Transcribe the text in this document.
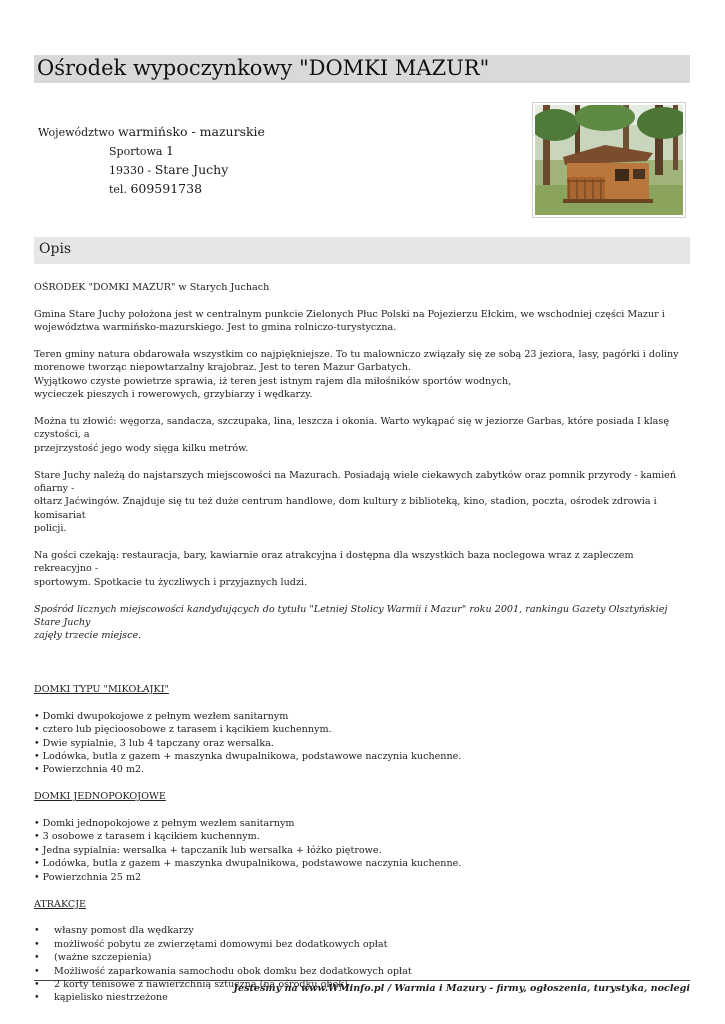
Ośrodek wypoczynkowy "DOMKI MAZUR"
Województwo warmińsko - mazurskie
Sportowa 1
19330 - Stare Juchy
tel. 609591738
Opis

OŚRODEK "DOMKI MAZUR" w Starych Juchach

Gmina Stare Juchy położona jest w centralnym punkcie Zielonych Płuc Polski na Pojezierzu Ełckim, we wschodniej części Mazur i
województwa warmińsko-mazurskiego. Jest to gmina rolniczo-turystyczna.

Teren gminy natura obdarowała wszystkim co najpiękniejsze. To tu malowniczo związały się ze sobą 23 jeziora, lasy, pagórki i doliny
morenowe tworząc niepowtarzalny krajobraz. Jest to teren Mazur Garbatych.
Wyjątkowo czyste powietrze sprawia, iż teren jest istnym rajem dla miłośników sportów wodnych,
wycieczek pieszych i rowerowych, grzybiarzy i wędkarzy.

Można tu złowić: węgorza, sandacza, szczupaka, lina, leszcza i okonia. Warto wykąpać się w jeziorze Garbas, które posiada I klasę czystości, a
przejrzystość jego wody sięga kilku metrów.

Stare Juchy należą do najstarszych miejscowości na Mazurach. Posiadają wiele ciekawych zabytków oraz pomnik przyrody - kamień ofiarny -
ołtarz Jaćwingów. Znajduje się tu też duże centrum handlowe, dom kultury z biblioteką, kino, stadion, poczta, ośrodek zdrowia i komisariat
policji.

Na gości czekają: restauracja, bary, kawiarnie oraz atrakcyjna i dostępna dla wszystkich baza noclegowa wraz z zapleczem rekreacyjno -
sportowym. Spotkacie tu życzliwych i przyjaznych ludzi.

Spośród licznych miejscowości kandydujących do tytułu "Letniej Stolicy Warmii i Mazur" roku 2001, rankingu Gazety Olsztyńskiej Stare Juchy
zajęły trzecie miejsce.

DOMKI TYPU "MIKOŁAJKI"
• Domki dwupokojowe z pełnym wezłem sanitarnym
• cztero lub pięcioosobowe z tarasem i kącikiem kuchennym.
• Dwie sypialnie, 3 lub 4 tapczany oraz wersalka.
• Lodówka, butla z gazem + maszynka dwupalnikowa, podstawowe naczynia kuchenne.
• Powierzchnia 40 m2.
DOMKI JEDNOPOKOJOWE
• Domki jednopokojowe z pełnym wezłem sanitarnym
• 3 osobowe z tarasem i kącikiem kuchennym.
• Jedna sypialnia: wersalka + tapczanik lub wersalka + łóżko piętrowe.
• Lodówka, butla z gazem + maszynka dwupalnikowa, podstawowe naczynia kuchenne.
• Powierzchnia 25 m2
ATRAKCJE
• własny pomost dla wędkarzy
• możliwość pobytu ze zwierzętami domowymi bez dodatkowych opłat
• (ważne szczepienia)
• Możliwość zaparkowania samochodu obok domku bez dodatkowych opłat
• 2 korty tenisowe z nawierzchnią sztuczną (na ośrodku obok)
• kąpielisko niestrzeżone
Jesteśmy na www.WMinfo.pl / Warmia i Mazury - firmy, ogłoszenia, turystyka, noclegi
